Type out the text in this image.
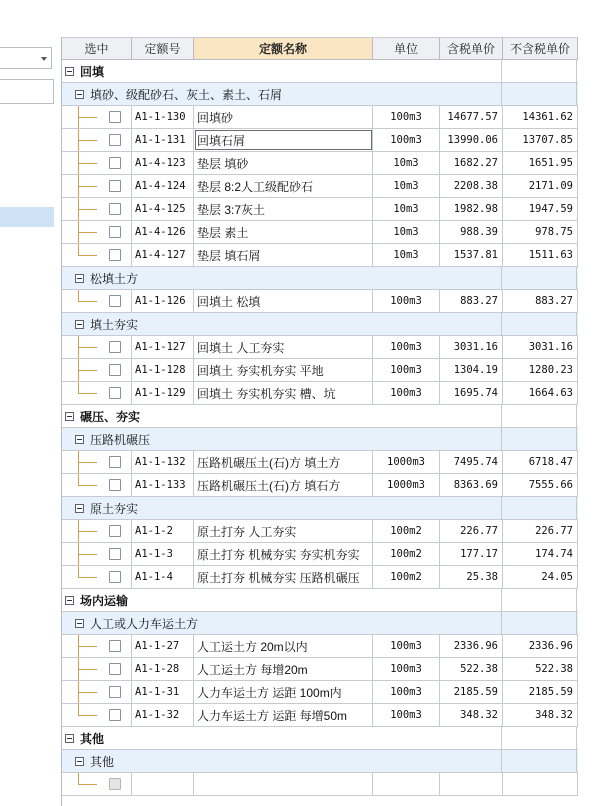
选中	定额号	定额名称	单位	含税单价	不含税单价
回填
填砂、级配砂石、灰土、素土、石屑
A1-1-130 回填砂	100m3	14677.57	14361.62
A1-1-131 回填石屑	100m3	13990.06	13707.85
A1-4-123 垫层 填砂	10m3	1682.27	1651.95
A1-4-124 垫层 8:2人工级配砂石	10m3	2208.38	2171.09
A1-4-125 垫层 3:7灰土	10m3	1982.98	1947.59
A1-4-126 垫层 素土	10m3	988.39	978.75
A1-4-127 垫层 填石屑	10m3	1537.81	1511.63
松填土方
A1-1-126 回填土 松填	100m3	883.27	883.27
填土夯实
A1-1-127 回填土 人工夯实	100m3	3031.16	3031.16
A1-1-128 回填土 夯实机夯实 平地	100m3	1304.19	1280.23
A1-1-129 回填土 夯实机夯实 槽、坑	100m3	1695.74	1664.63
碾压、夯实
压路机碾压
A1-1-132 压路机碾压土(石)方 填土方	1000m3	7495.74	6718.47
A1-1-133 压路机碾压土(石)方 填石方	1000m3	8363.69	7555.66
原土夯实
A1-1-2	原土打夯 人工夯实	100m2	226.77	226.77
A1-1-3	原土打夯 机械夯实 夯实机夯实	100m2	177.17	174.74
A1-1-4	原土打夯 机械夯实 压路机碾压	100m2	25.38	24.05
场内运输
人工或人力车运土方
A1-1-27	人工运土方 20m以内	100m3	2336.96	2336.96
A1-1-28	人工运土方 每增20m	100m3	522.38	522.38
A1-1-31	人力车运土方 运距 100m内	100m3	2185.59	2185.59
A1-1-32	人力车运土方 运距 每增50m	100m3	348.32	348.32
其他
其他
